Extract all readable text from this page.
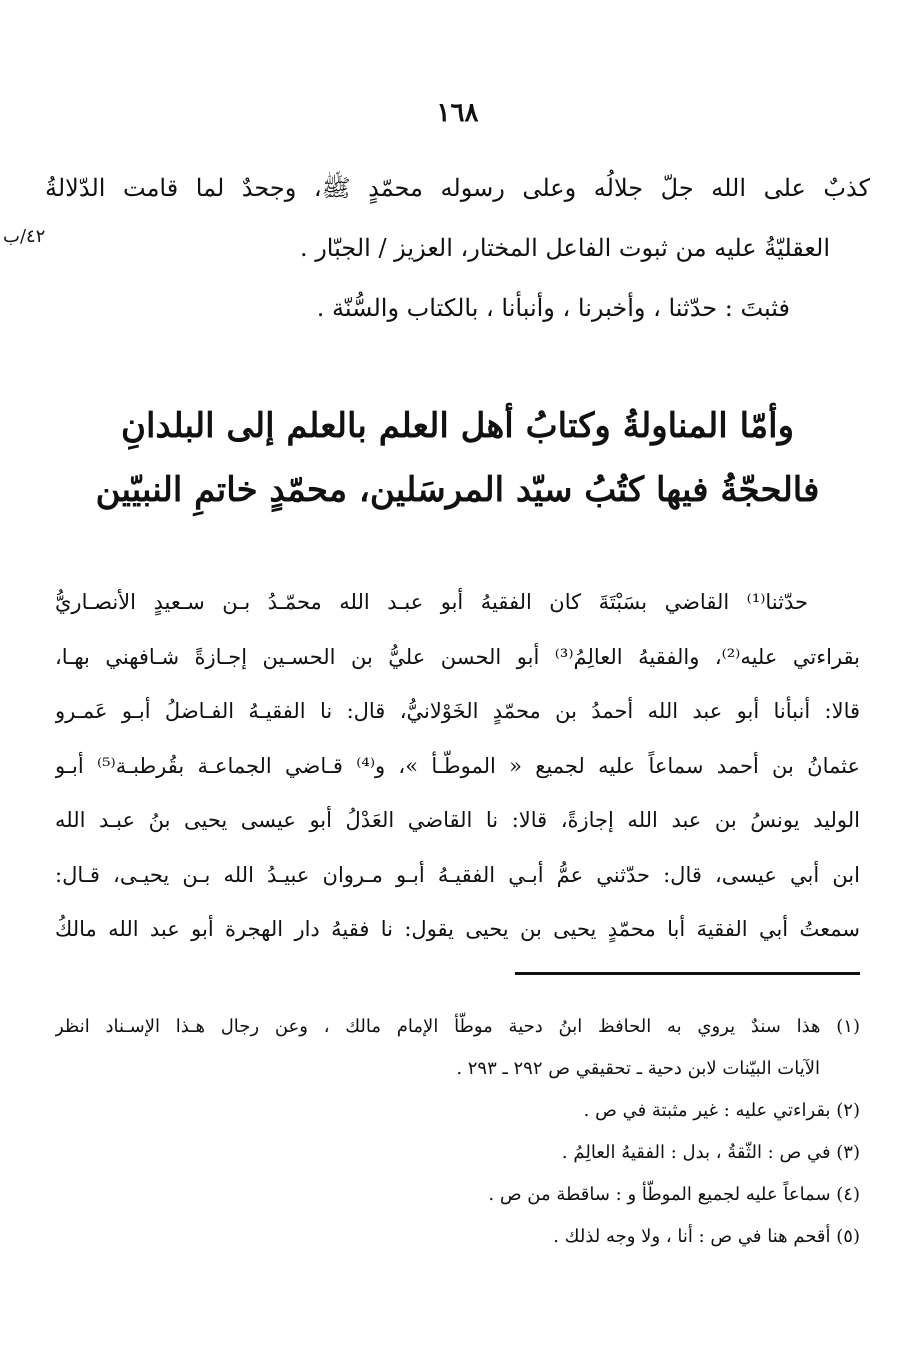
١٦٨
٤٢/ب
كذبٌ على الله جلّ جلالُه وعلى رسوله محمّدٍ ﷺ، وجحدٌ لما قامت الدّلالةُ
العقليّةُ عليه من ثبوت الفاعل المختار، العزيز / الجبّار .
فثبتَ : حدّثنا ، وأخبرنا ، وأنبأنا ، بالكتاب والسُّنّة .
وأمّا المناولةُ وكتابُ أهل العلم بالعلم إلى البلدانِ
فالحجّةُ فيها كتُبُ سيّد المرسَلين، محمّدٍ خاتمِ النبيّين
حدّثنا⁽¹⁾ القاضي بسَبْتَةَ كان الفقيهُ أبو عبـد الله محمّـدُ بـن سـعيدٍ الأنصـاريُّ
بقراءتي عليه⁽²⁾، والفقيهُ العالِمُ⁽³⁾ أبو الحسن عليُّ بن الحسـين إجـازةً شـافهني بهـا،
قالا: أنبأنا أبو عبد الله أحمدُ بن محمّدٍ الخَوْلانيُّ، قال: نا الفقيـهُ الفـاضلُ أبـو عَمـرو
عثمانُ بن أحمد سماعاً عليه لجميع « الموطّـأ »، و⁽⁴⁾ قـاضي الجماعـة بقُرطبـة⁽⁵⁾ أبـو
الوليد يونسُ بن عبد الله إجازةً، قالا: نا القاضي العَدْلُ أبو عيسى يحيى بنُ عبـد الله
ابن أبي عيسى، قال: حدّثني عمُّ أبـي الفقيـهُ أبـو مـروان عبيـدُ الله بـن يحيـى، قـال:
سمعتُ أبي الفقيهَ أبا محمّدٍ يحيى بن يحيى يقول: نا فقيهُ دار الهجرة أبو عبد الله مالكُ
(١) هذا سندٌ يروي به الحافظ ابنُ دحية موطّأ الإمام مالك ، وعن رجال هـذا الإسـناد انظر
الآيات البيّنات لابن دحية ـ تحقيقي ص ٢٩٢ ـ ٢٩٣ .
(٢) بقراءتي عليه : غير مثبتة في ص .
(٣) في ص : الثّقةُ ، بدل : الفقيهُ العالِمُ .
(٤) سماعاً عليه لجميع الموطّأ و : ساقطة من ص .
(٥) أقحم هنا في ص : أنا ، ولا وجه لذلك .
